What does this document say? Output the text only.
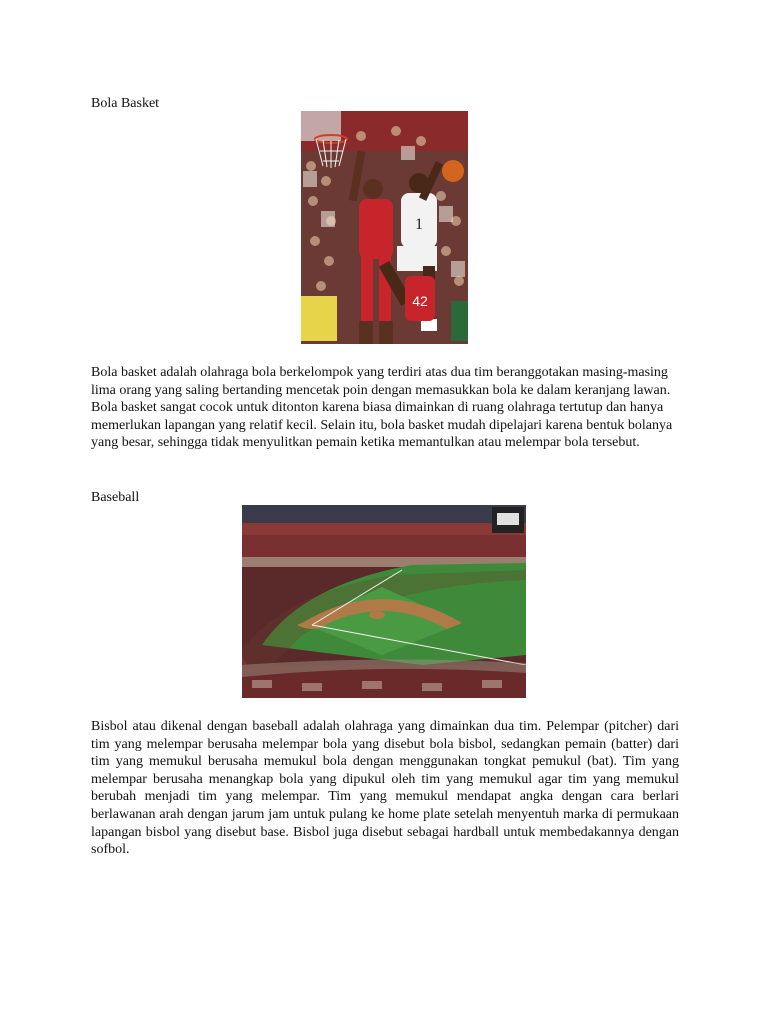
Bola Basket
1
42

Bola basket adalah olahraga bola berkelompok yang terdiri atas dua tim beranggotakan masing-masing lima orang yang saling bertanding mencetak poin dengan memasukkan bola ke dalam keranjang lawan. Bola basket sangat cocok untuk ditonton karena biasa dimainkan di ruang olahraga tertutup dan hanya memerlukan lapangan yang relatif kecil. Selain itu, bola basket mudah dipelajari karena bentuk bolanya yang besar, sehingga tidak menyulitkan pemain ketika memantulkan atau melempar bola tersebut.

Baseball

Bisbol atau dikenal dengan baseball adalah olahraga yang dimainkan dua tim. Pelempar (pitcher) dari tim yang melempar berusaha melempar bola yang disebut bola bisbol, sedangkan pemain (batter) dari tim yang memukul berusaha memukul bola dengan menggunakan tongkat pemukul (bat). Tim yang melempar berusaha menangkap bola yang dipukul oleh tim yang memukul agar tim yang memukul berubah menjadi tim yang melempar. Tim yang memukul mendapat angka dengan cara berlari berlawanan arah dengan jarum jam untuk pulang ke home plate setelah menyentuh marka di permukaan lapangan bisbol yang disebut base. Bisbol juga disebut sebagai hardball untuk membedakannya dengan sofbol.
